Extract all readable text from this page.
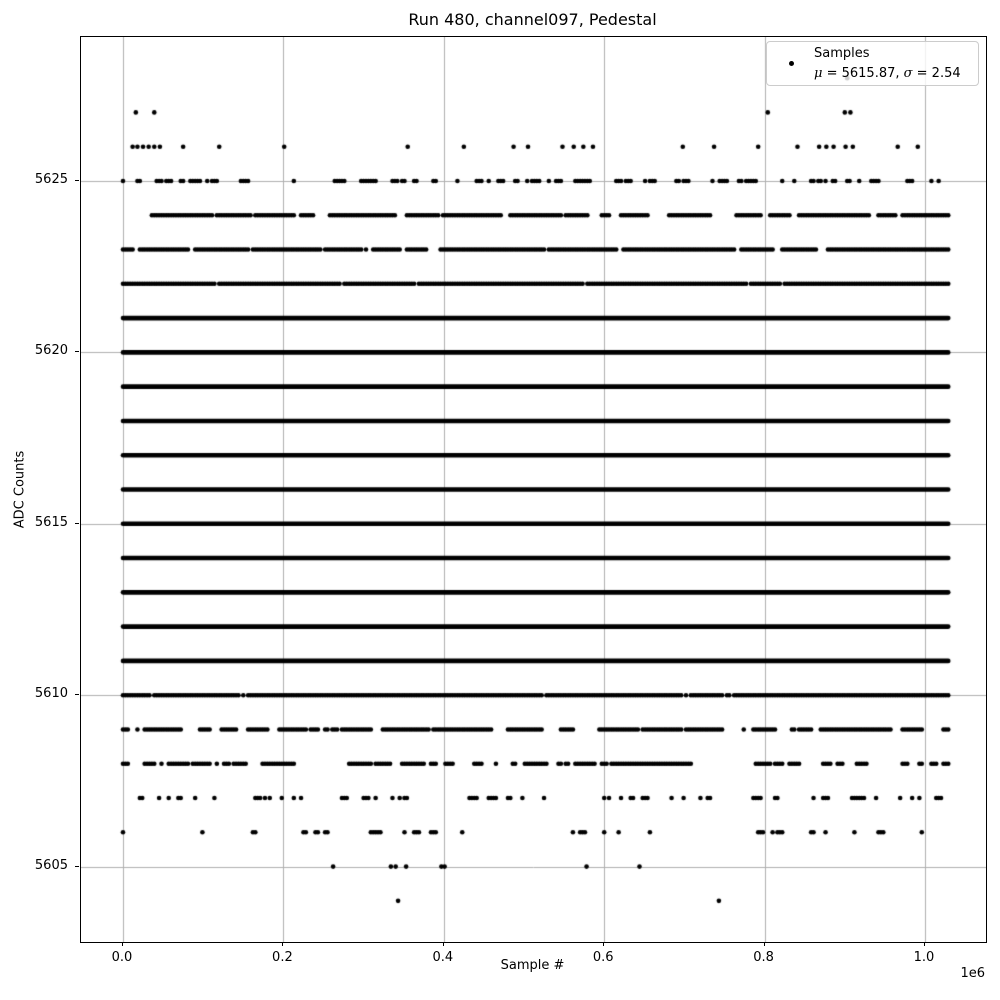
Run 480, channel097, Pedestal
0.0	0.2	0.4	0.6	0.8	1.0
5605
5610
5615
5620
5625
Sample #
1e6
ADC Counts
Samples
μ = 5615.87, σ = 2.54
